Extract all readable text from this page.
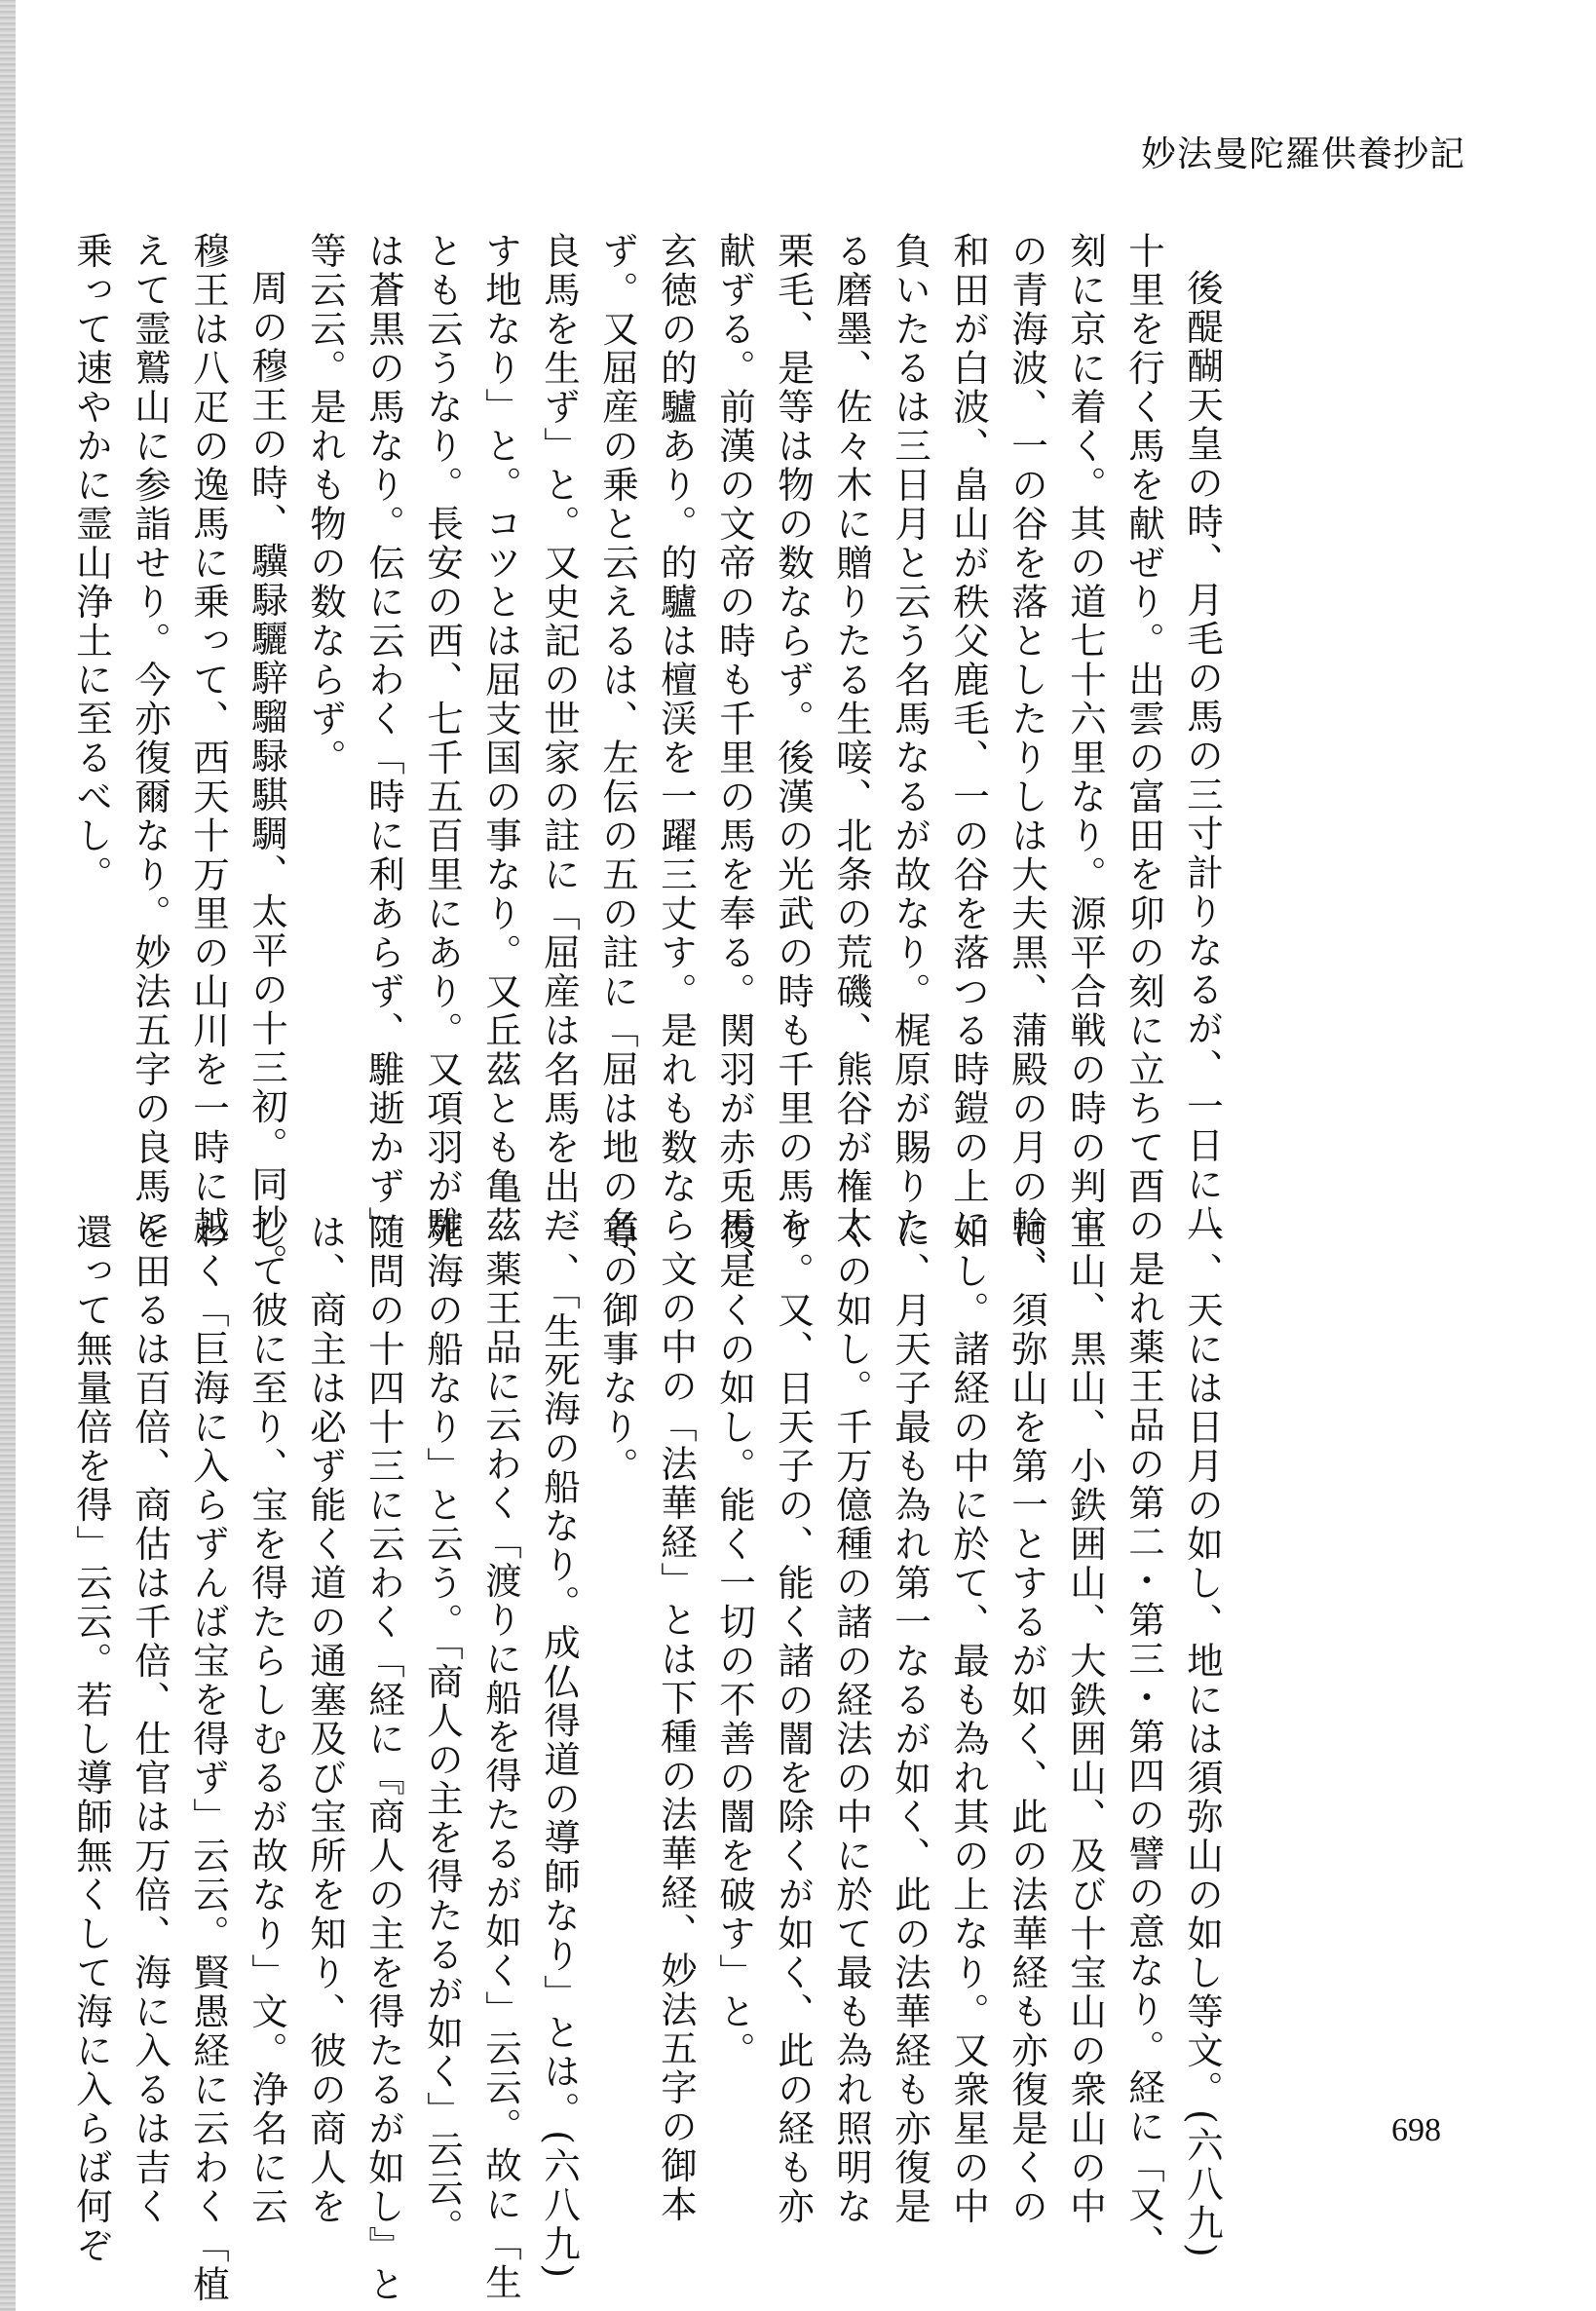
妙法曼陀羅供養抄記
後醍醐天皇の時、月毛の馬の三寸計りなるが、一日に八
十里を行く馬を献ぜり。出雲の富田を卯の刻に立ちて酉の
刻に京に着く。其の道七十六里なり。源平合戦の時の判官
の青海波、一の谷を落としたりしは大夫黒、蒲殿の月の輪、
和田が白波、畠山が秩父鹿毛、一の谷を落つる時鎧の上に
負いたるは三日月と云う名馬なるが故なり。梶原が賜りた
る磨墨、佐々木に贈りたる生唼、北条の荒磯、熊谷が権太
栗毛、是等は物の数ならず。後漢の光武の時も千里の馬を
献ずる。前漢の文帝の時も千里の馬を奉る。関羽が赤兎馬、
玄徳の的驢あり。的驢は檀渓を一躍三丈す。是れも数なら
ず。又屈産の乗と云えるは、左伝の五の註に「屈は地の名、
良馬を生ず」と。又史記の世家の註に「屈産は名馬を出だ
す地なり」と。コツとは屈支国の事なり。又丘茲とも亀茲
とも云うなり。長安の西、七千五百里にあり。又項羽が騅
は蒼黒の馬なり。伝に云わく「時に利あらず、騅逝かず」
等云云。是れも物の数ならず。
周の穆王の時、驥騄驪騂騮騄騏騆、太平の十三初。同抄。
穆王は八疋の逸馬に乗って、西天十万里の山川を一時に越
えて霊鷲山に参詣せり。今亦復爾なり。妙法五字の良馬に
乗って速やかに霊山浄土に至るべし。
一、天には日月の如し、地には須弥山の如し等文。(六八九)
是れ薬王品の第二・第三・第四の譬の意なり。経に「又、
土山、黒山、小鉄囲山、大鉄囲山、及び十宝山の衆山の中
に、須弥山を第一とするが如く、此の法華経も亦復是くの
如し。諸経の中に於て、最も為れ其の上なり。又衆星の中
に、月天子最も為れ第一なるが如く、此の法華経も亦復是
くの如し。千万億種の諸の経法の中に於て最も為れ照明な
り。又、日天子の、能く諸の闇を除くが如く、此の経も亦
復是くの如し。能く一切の不善の闇を破す」と。
文の中の「法華経」とは下種の法華経、妙法五字の御本
尊の御事なり。
一、「生死海の船なり。成仏得道の導師なり」とは。(六八九)
薬王品に云わく「渡りに船を得たるが如く」云云。故に「生
死海の船なり」と云う。「商人の主を得たるが如く」云云。
随問の十四十三に云わく「経に『商人の主を得たるが如し』と
は、商主は必ず能く道の通塞及び宝所を知り、彼の商人を
して彼に至り、宝を得たらしむるが故なり」文。浄名に云
わく「巨海に入らずんば宝を得ず」云云。賢愚経に云わく「植
を田るは百倍、商估は千倍、仕官は万倍、海に入るは吉く
還って無量倍を得」云云。若し導師無くして海に入らば何ぞ	698
